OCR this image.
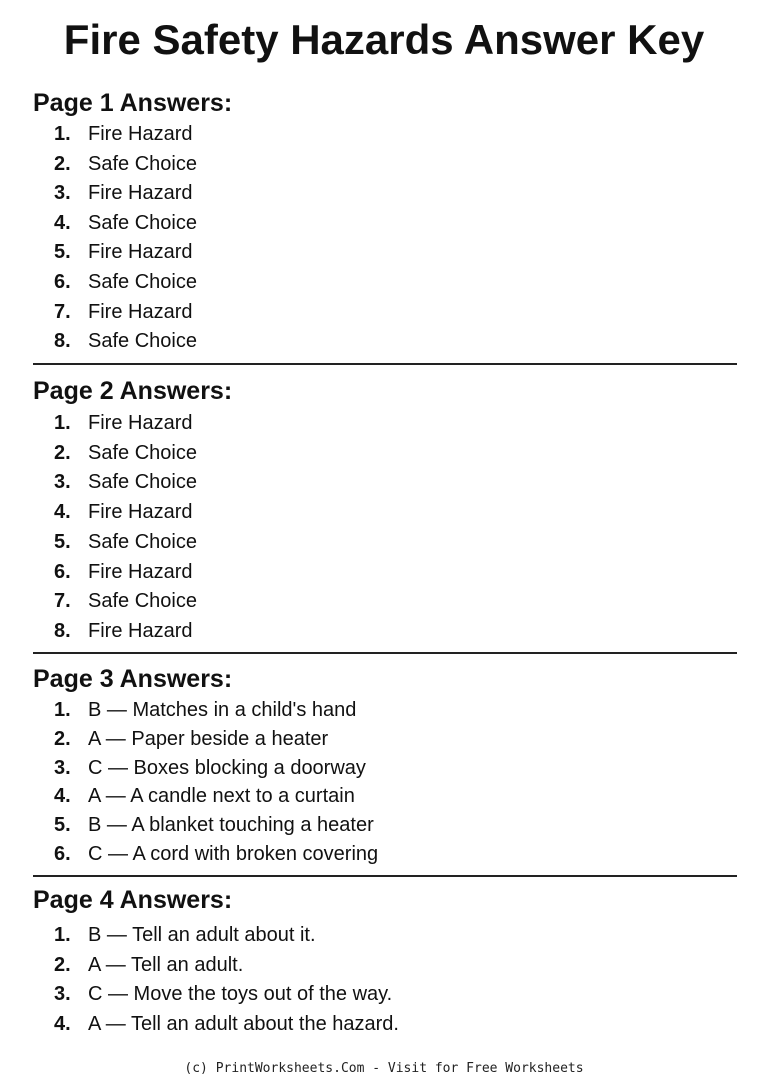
Fire Safety Hazards Answer Key
Page 1 Answers:
1. Fire Hazard
2. Safe Choice
3. Fire Hazard
4. Safe Choice
5. Fire Hazard
6. Safe Choice
7. Fire Hazard
8. Safe Choice
Page 2 Answers:
1. Fire Hazard
2. Safe Choice
3. Safe Choice
4. Fire Hazard
5. Safe Choice
6. Fire Hazard
7. Safe Choice
8. Fire Hazard
Page 3 Answers:
1. B — Matches in a child's hand
2. A — Paper beside a heater
3. C — Boxes blocking a doorway
4. A — A candle next to a curtain
5. B — A blanket touching a heater
6. C — A cord with broken covering
Page 4 Answers:
1. B — Tell an adult about it.
2. A — Tell an adult.
3. C — Move the toys out of the way.
4. A — Tell an adult about the hazard.
(c) PrintWorksheets.Com - Visit for Free Worksheets
